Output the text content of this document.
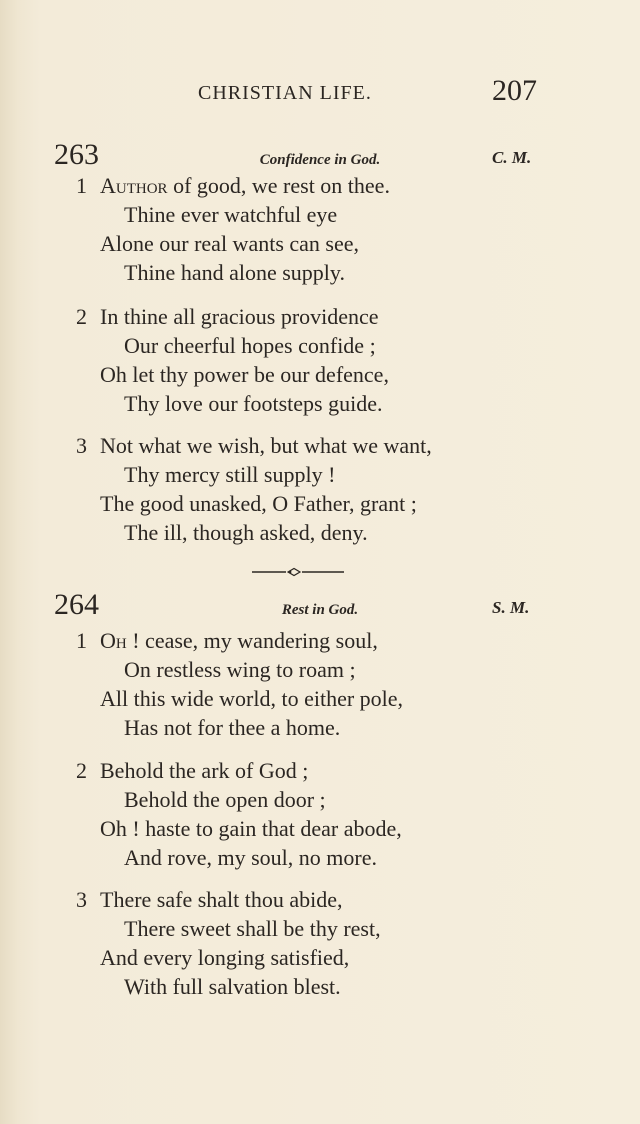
CHRISTIAN LIFE.	207
263	Confidence in God.	C. M.
1 Author of good, we rest on thee.
Thine ever watchful eye
Alone our real wants can see,
Thine hand alone supply.
2 In thine all gracious providence
Our cheerful hopes confide ;
Oh let thy power be our defence,
Thy love our footsteps guide.
3 Not what we wish, but what we want,
Thy mercy still supply !
The good unasked, O Father, grant ;
The ill, though asked, deny.
264	Rest in God.	S. M.
1 Oh ! cease, my wandering soul,
On restless wing to roam ;
All this wide world, to either pole,
Has not for thee a home.
2 Behold the ark of God ;
Behold the open door ;
Oh ! haste to gain that dear abode,
And rove, my soul, no more.
3 There safe shalt thou abide,
There sweet shall be thy rest,
And every longing satisfied,
With full salvation blest.
